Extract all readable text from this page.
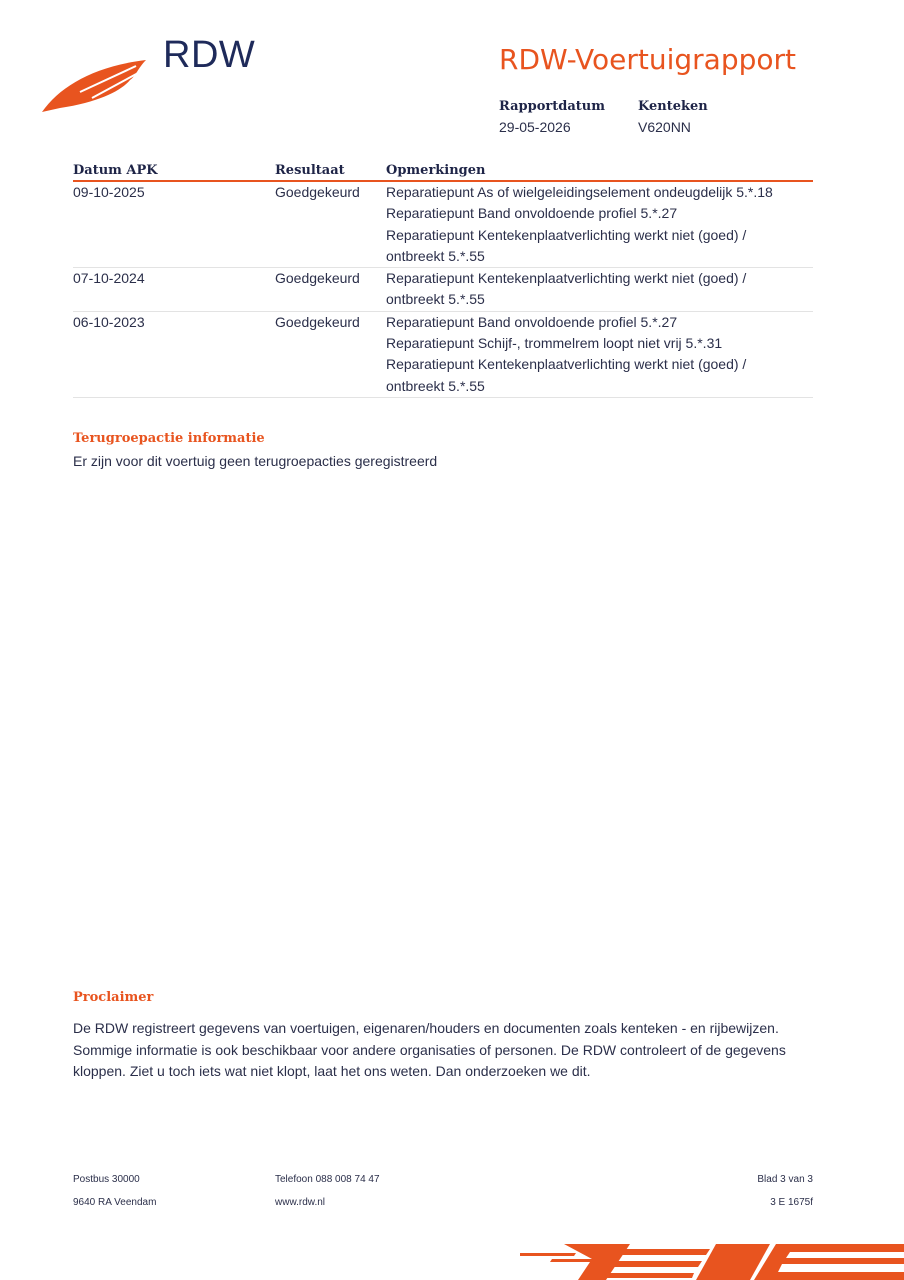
RDW	RDW-Voertuigrapport
Rapportdatum
29-05-2026
Kenteken
V620NN
Datum APK	Resultaat	Opmerkingen
09-10-2025	Goedgekeurd	Reparatiepunt As of wielgeleidingselement ondeugdelijk 5.*.18
Reparatiepunt Band onvoldoende profiel 5.*.27
Reparatiepunt Kentekenplaatverlichting werkt niet (goed) / ontbreekt 5.*.55
07-10-2024	Goedgekeurd	Reparatiepunt Kentekenplaatverlichting werkt niet (goed) / ontbreekt 5.*.55
06-10-2023	Goedgekeurd	Reparatiepunt Band onvoldoende profiel 5.*.27
Reparatiepunt Schijf-, trommelrem loopt niet vrij 5.*.31
Reparatiepunt Kentekenplaatverlichting werkt niet (goed) / ontbreekt 5.*.55
Terugroepactie informatie
Er zijn voor dit voertuig geen terugroepacties geregistreerd
Proclaimer
De RDW registreert gegevens van voertuigen, eigenaren/houders en documenten zoals kenteken - en rijbewijzen. Sommige informatie is ook beschikbaar voor andere organisaties of personen. De RDW controleert of de gegevens kloppen. Ziet u toch iets wat niet klopt, laat het ons weten. Dan onderzoeken we dit.
Postbus 30000
9640 RA Veendam
Telefoon 088 008 74 47
www.rdw.nl
Blad 3 van 3
3 E 1675f
